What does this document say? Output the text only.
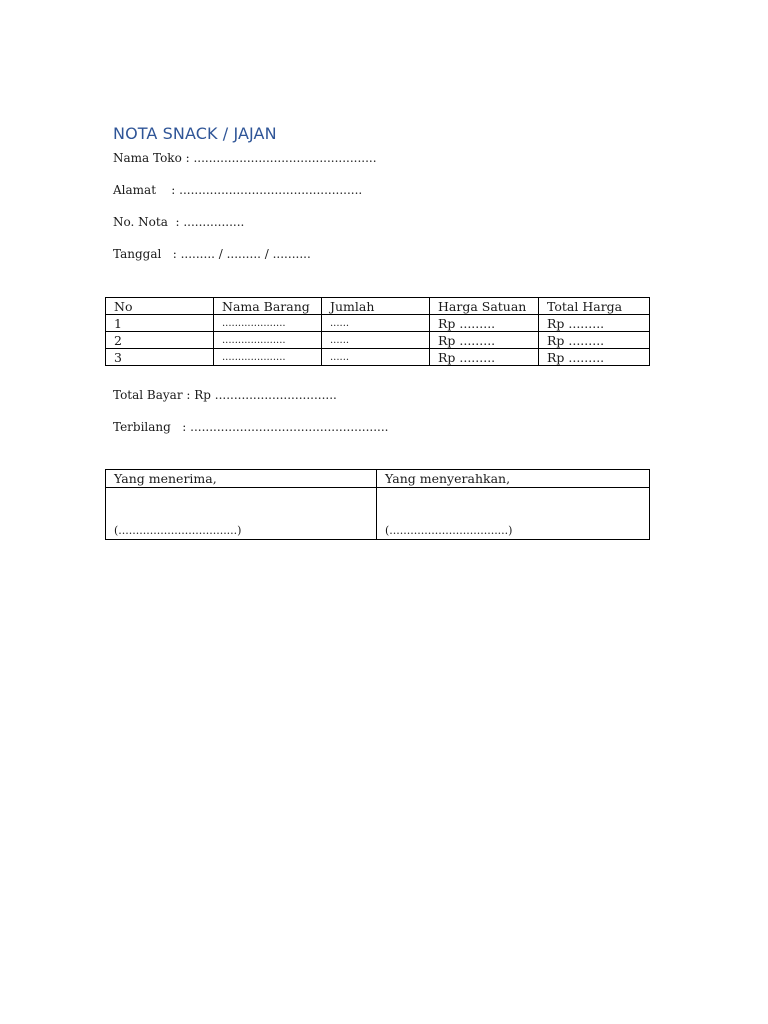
NOTA SNACK / JAJAN
Nama Toko : ................................................
Alamat    : ................................................
No. Nota  : ................
Tanggal   : ......... / ......... / ..........
No	Nama Barang	Jumlah	Harga Satuan	Total Harga
1	....................	......	Rp .........	Rp .........
2	....................	......	Rp .........	Rp .........
3	....................	......	Rp .........	Rp .........
Total Bayar : Rp ................................
Terbilang   : ....................................................
Yang menerima,	Yang menyerahkan,
(..................................)	(..................................)
